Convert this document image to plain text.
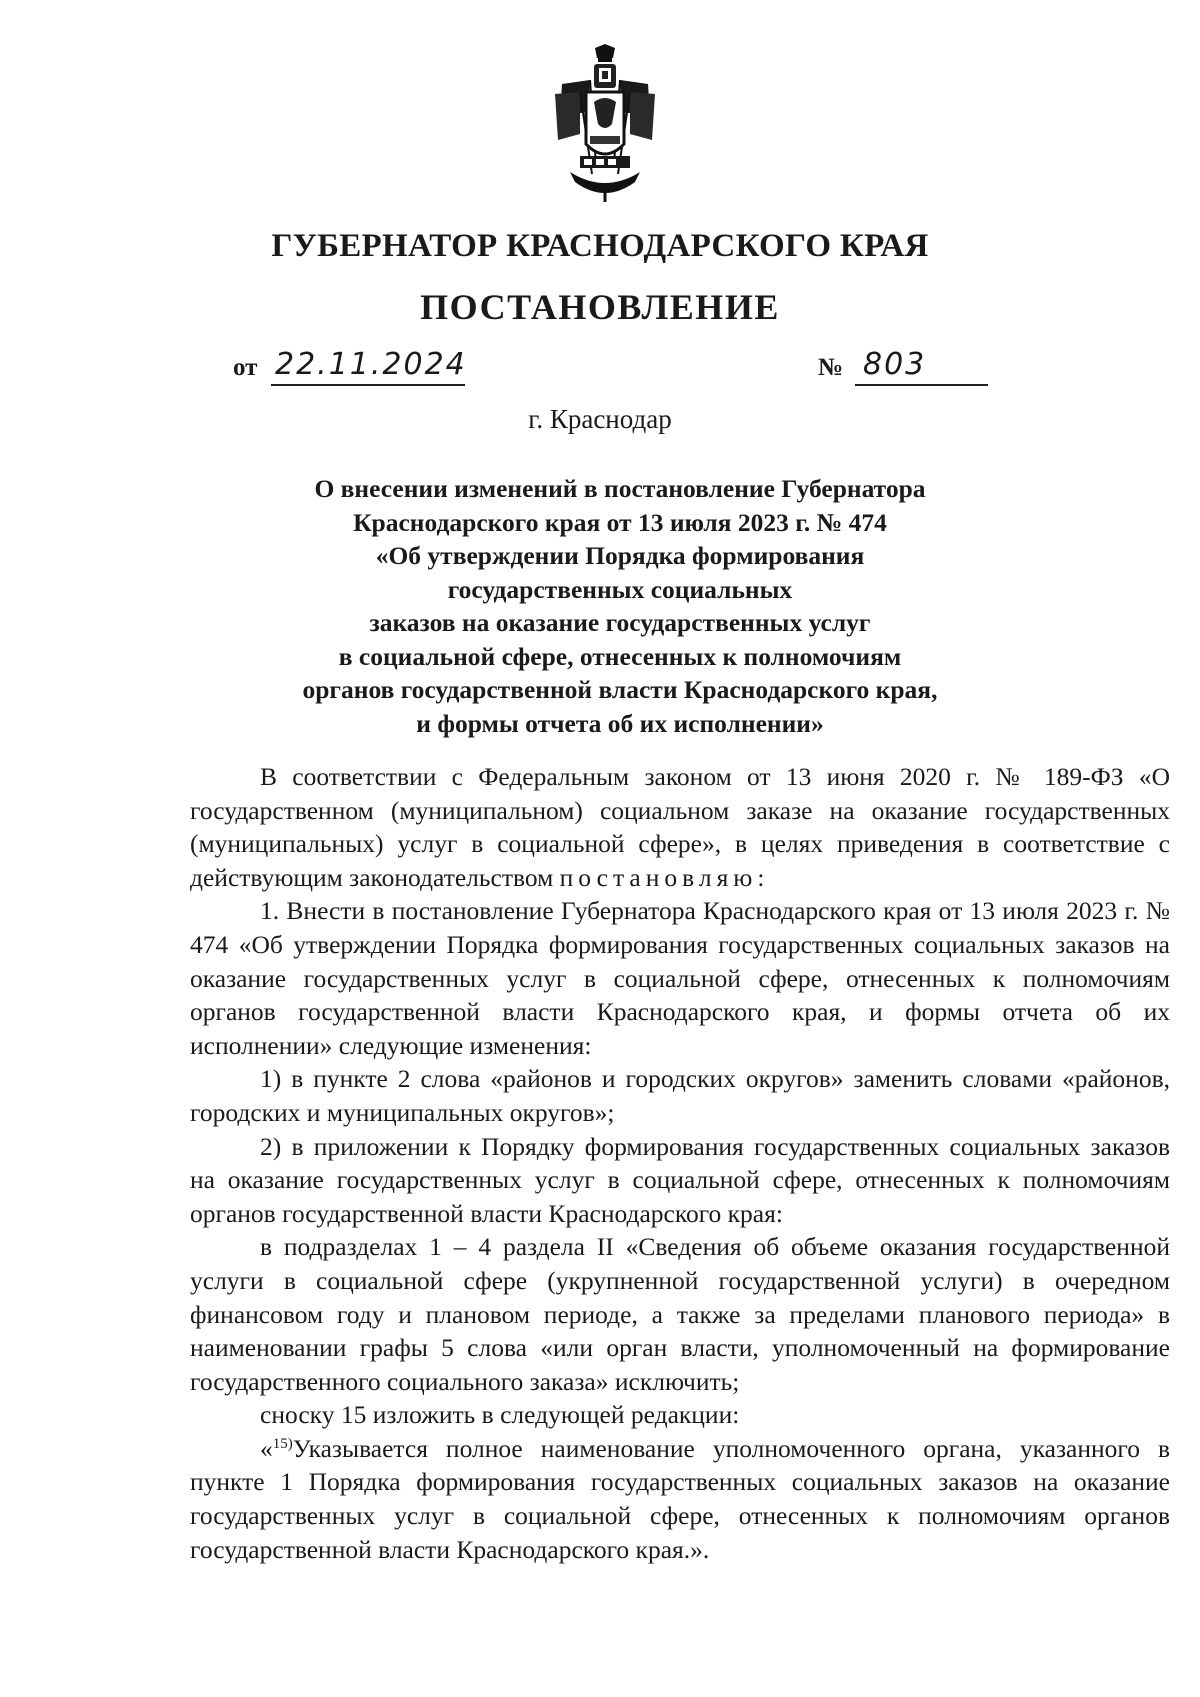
ГУБЕРНАТОР КРАСНОДАРСКОГО КРАЯ
ПОСТАНОВЛЕНИЕ
от 22.11.2024	№ 803
г. Краснодар
О внесении изменений в постановление Губернатора
Краснодарского края от 13 июля 2023 г. № 474
«Об утверждении Порядка формирования
государственных социальных
заказов на оказание государственных услуг
в социальной сфере, отнесенных к полномочиям
органов государственной власти Краснодарского края,
и формы отчета об их исполнении»

В соответствии с Федеральным законом от 13 июня 2020 г. № 189-ФЗ «О государственном (муниципальном) социальном заказе на оказание государственных (муниципальных) услуг в социальной сфере», в целях приведения в соответствие с действующим законодательством постановляю:

1. Внести в постановление Губернатора Краснодарского края от 13 июля 2023 г. № 474 «Об утверждении Порядка формирования государственных социальных заказов на оказание государственных услуг в социальной сфере, отнесенных к полномочиям органов государственной власти Краснодарского края, и формы отчета об их исполнении» следующие изменения:

1) в пункте 2 слова «районов и городских округов» заменить словами «районов, городских и муниципальных округов»;

2) в приложении к Порядку формирования государственных социальных заказов на оказание государственных услуг в социальной сфере, отнесенных к полномочиям органов государственной власти Краснодарского края:

в подразделах 1 – 4 раздела II «Сведения об объеме оказания государственной услуги в социальной сфере (укрупненной государственной услуги) в очередном финансовом году и плановом периоде, а также за пределами планового периода» в наименовании графы 5 слова «или орган власти, уполномоченный на формирование государственного социального заказа» исключить;

сноску 15 изложить в следующей редакции:

«$^{15)}$Указывается полное наименование уполномоченного органа, указанного в пункте 1 Порядка формирования государственных социальных заказов на оказание государственных услуг в социальной сфере, отнесенных к полномочиям органов государственной власти Краснодарского края.».
